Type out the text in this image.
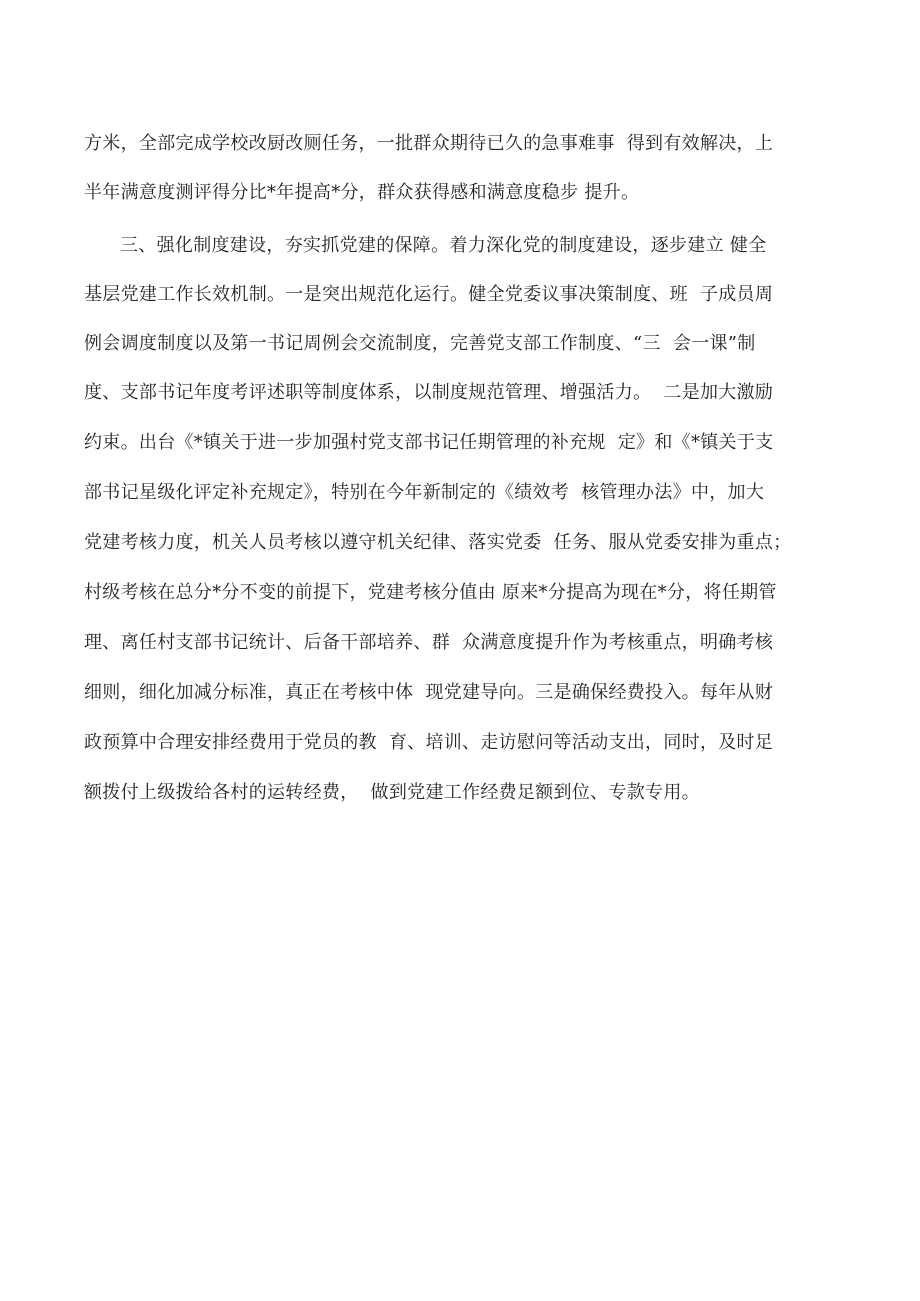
方米，全部完成学校改厨改厕任务，一批群众期待已久的急事难事  得到有效解决，上
半年满意度测评得分比*年提高*分，群众获得感和满意度稳步 提升。
三、强化制度建设，夯实抓党建的保障。着力深化党的制度建设，逐步建立 健全
基层党建工作长效机制。一是突出规范化运行。健全党委议事决策制度、班  子成员周
例会调度制度以及第一书记周例会交流制度，完善党支部工作制度、“三  会一课”制
度、支部书记年度考评述职等制度体系，以制度规范管理、增强活力。  二是加大激励
约束。出台《*镇关于进一步加强村党支部书记任期管理的补充规  定》和《*镇关于支
部书记星级化评定补充规定》，特别在今年新制定的《绩效考  核管理办法》中，加大
党建考核力度，机关人员考核以遵守机关纪律、落实党委  任务、服从党委安排为重点；
村级考核在总分*分不变的前提下，党建考核分值由 原来*分提高为现在*分，将任期管
理、离任村支部书记统计、后备干部培养、群  众满意度提升作为考核重点，明确考核
细则，细化加减分标准，真正在考核中体  现党建导向。三是确保经费投入。每年从财
政预算中合理安排经费用于党员的教  育、培训、走访慰问等活动支出，同时，及时足
额拨付上级拨给各村的运转经费，  做到党建工作经费足额到位、专款专用。
